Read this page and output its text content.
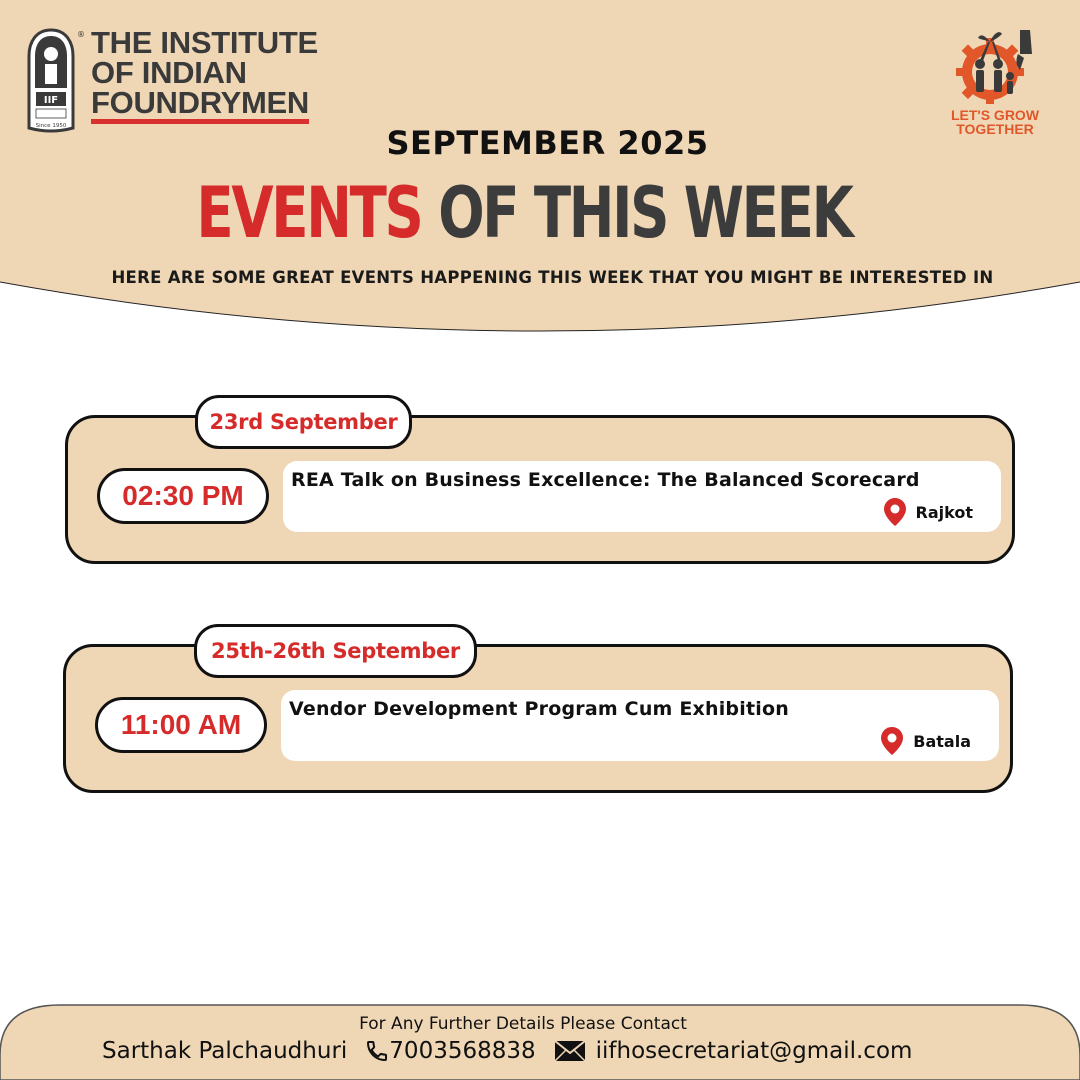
IIF
Since 1950
® THE INSTITUTE
OF INDIAN
FOUNDRYMEN	LET'S GROW
TOGETHER
SEPTEMBER 2025
EVENTS OF THIS WEEK
HERE ARE SOME GREAT EVENTS HAPPENING THIS WEEK THAT YOU MIGHT BE INTERESTED IN
02:30 PM	REA Talk on Business Excellence: The Balanced Scorecard
Rajkot
23rd September
11:00 AM	Vendor Development Program Cum Exhibition
Batala
25th-26th September
For Any Further Details Please Contact
Sarthak Palchaudhuri 7003568838	iifhosecretariat@gmail.com
